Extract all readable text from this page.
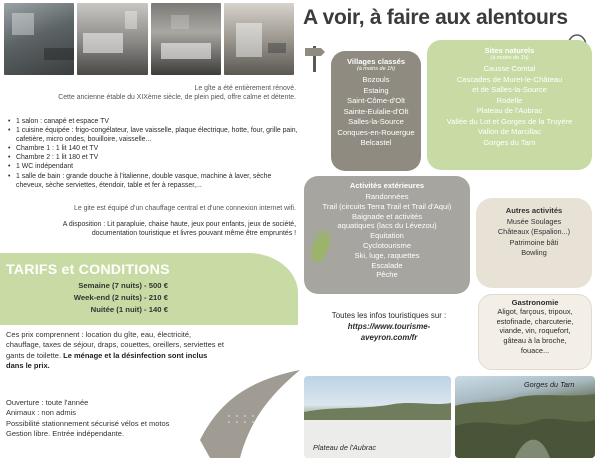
Le gîte a été entièrement rénové.
Cette ancienne étable du XIXème siècle, de plein pied, offre calme et détente.
• 1 salon : canapé et espace TV
• 1 cuisine équipée : frigo-congélateur, lave vaisselle, plaque électrique, hotte, four, grille pain, cafetière, micro ondes, bouilloire, vaisselle...
• Chambre 1 : 1 lit 140 et TV
• Chambre 2 : 1 lit 180 et TV
• 1 WC indépendant
• 1 salle de bain : grande douche à l'italienne, double vasque, machine à laver, sèche cheveux, sèche serviettes, étendoir, table et fer à repasser,...
Le gite est équipé d'un chauffage central et d'une connexion internet wifi.
A disposition : Lit parapluie, chaise haute, jeux pour enfants, jeux de société,
documentation touristique et livres pouvant même être empruntés !
TARIFS et CONDITIONS
Semaine (7 nuits) - 500 €
Week-end (2 nuits) - 210 €
Nuitée (1 nuit) - 140 €
Ces prix comprennent : location du gîte, eau, électricité, chauffage, taxes de séjour, draps, couettes, oreillers, serviettes et gants de toilette. Le ménage et la désinfection sont inclus dans le prix.
Ouverture : toute l'année
Animaux : non admis
Possibilité stationnement sécurisé vélos et motos
Gestion libre. Entrée indépendante.
A voir, à faire aux alentours
Villages classés
(à moins de 1h)
Bozouls
Estaing
Saint-Côme-d'Olt
Sainte-Eulalie-d'Olt
Salles-la-Source
Conques-en-Rouergue
Belcastel
Sites naturels
(à moins de 1h)
Causse Comtal
Cascades de Muret-le-Château
et de Salles-la-Source
Rodelle
Plateau de l'Aubrac
Vallée du Lot et Gorges de la Truyère
Vallon de Marcillac
Gorges du Tarn
Activités extérieures
Randonnées
Trail (circuits Terra Trail et Trail d'Aqui)
Baignade et activités
aquatiques (lacs du Lévezou)
Equitation
Cyclotourisme
Ski, luge, raquettes
Escalade
Pêche
Autres activités
Musée Soulages
Châteaux (Espalion...)
Patrimoine bâti
Bowling
Toutes les infos touristiques sur :
https://www.tourisme-
aveyron.com/fr
Gastronomie
Aligot, farçous, tripoux,
estofinade, charcuterie,
viande, vin, roquefort,
gâteau à la broche,
fouace...
Plateau de l'Aubrac
Gorges du Tarn
